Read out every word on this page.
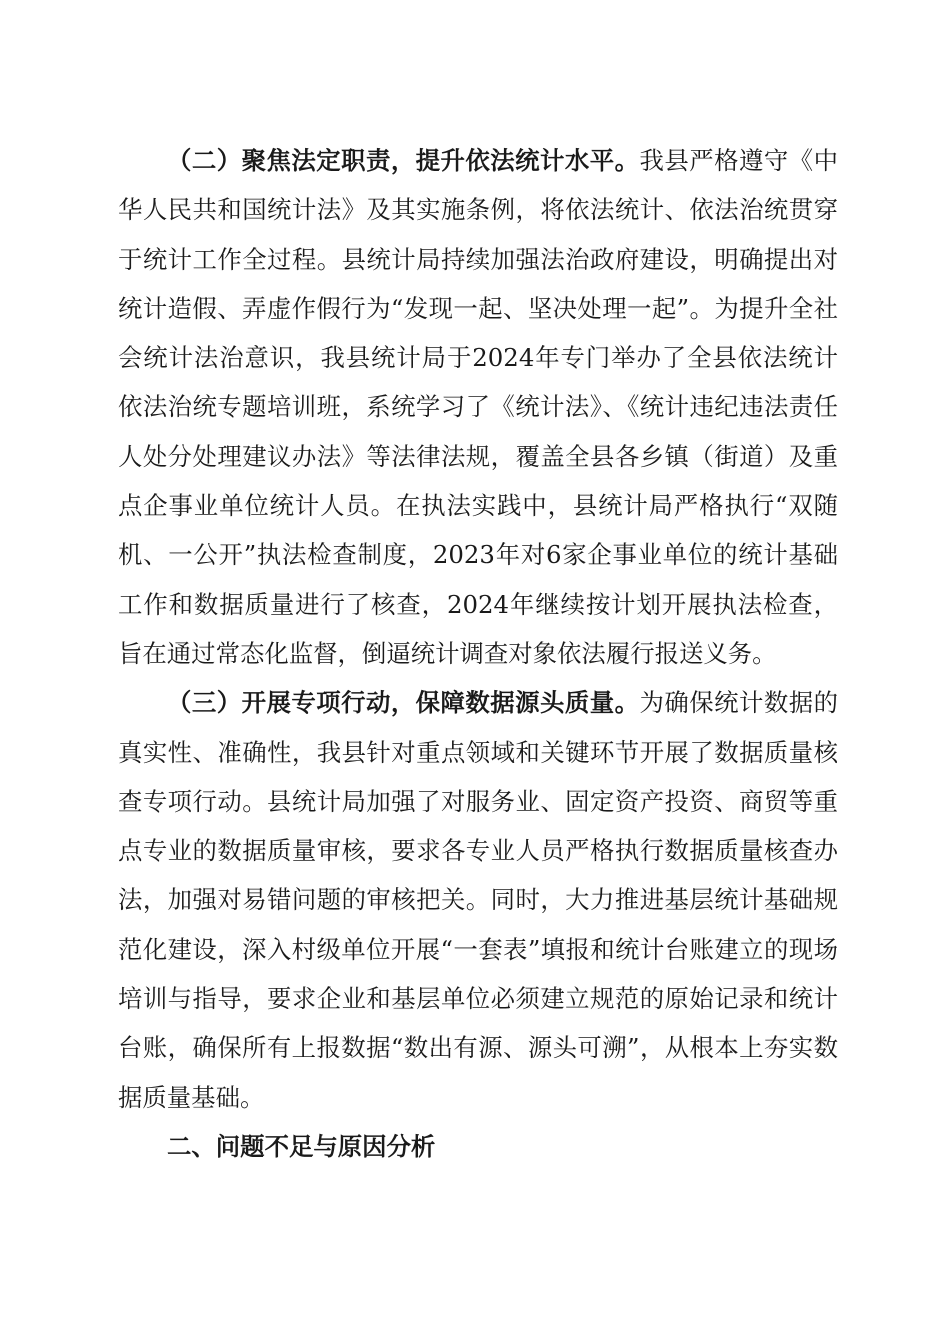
（二）聚焦法定职责，提升依法统计水平。我县严格遵守《中华人民共和国统计法》及其实施条例，将依法统计、依法治统贯穿于统计工作全过程。县统计局持续加强法治政府建设，明确提出对统计造假、弄虚作假行为“发现一起、坚决处理一起”。为提升全社会统计法治意识，我县统计局于2024年专门举办了全县依法统计依法治统专题培训班，系统学习了《统计法》、《统计违纪违法责任人处分处理建议办法》等法律法规，覆盖全县各乡镇（街道）及重点企事业单位统计人员。在执法实践中，县统计局严格执行“双随机、一公开”执法检查制度，2023年对6家企事业单位的统计基础工作和数据质量进行了核查，2024年继续按计划开展执法检查，旨在通过常态化监督，倒逼统计调查对象依法履行报送义务。

（三）开展专项行动，保障数据源头质量。为确保统计数据的真实性、准确性，我县针对重点领域和关键环节开展了数据质量核查专项行动。县统计局加强了对服务业、固定资产投资、商贸等重点专业的数据质量审核，要求各专业人员严格执行数据质量核查办法，加强对易错问题的审核把关。同时，大力推进基层统计基础规范化建设，深入村级单位开展“一套表”填报和统计台账建立的现场培训与指导，要求企业和基层单位必须建立规范的原始记录和统计台账，确保所有上报数据“数出有源、源头可溯”，从根本上夯实数据质量基础。

二、问题不足与原因分析
